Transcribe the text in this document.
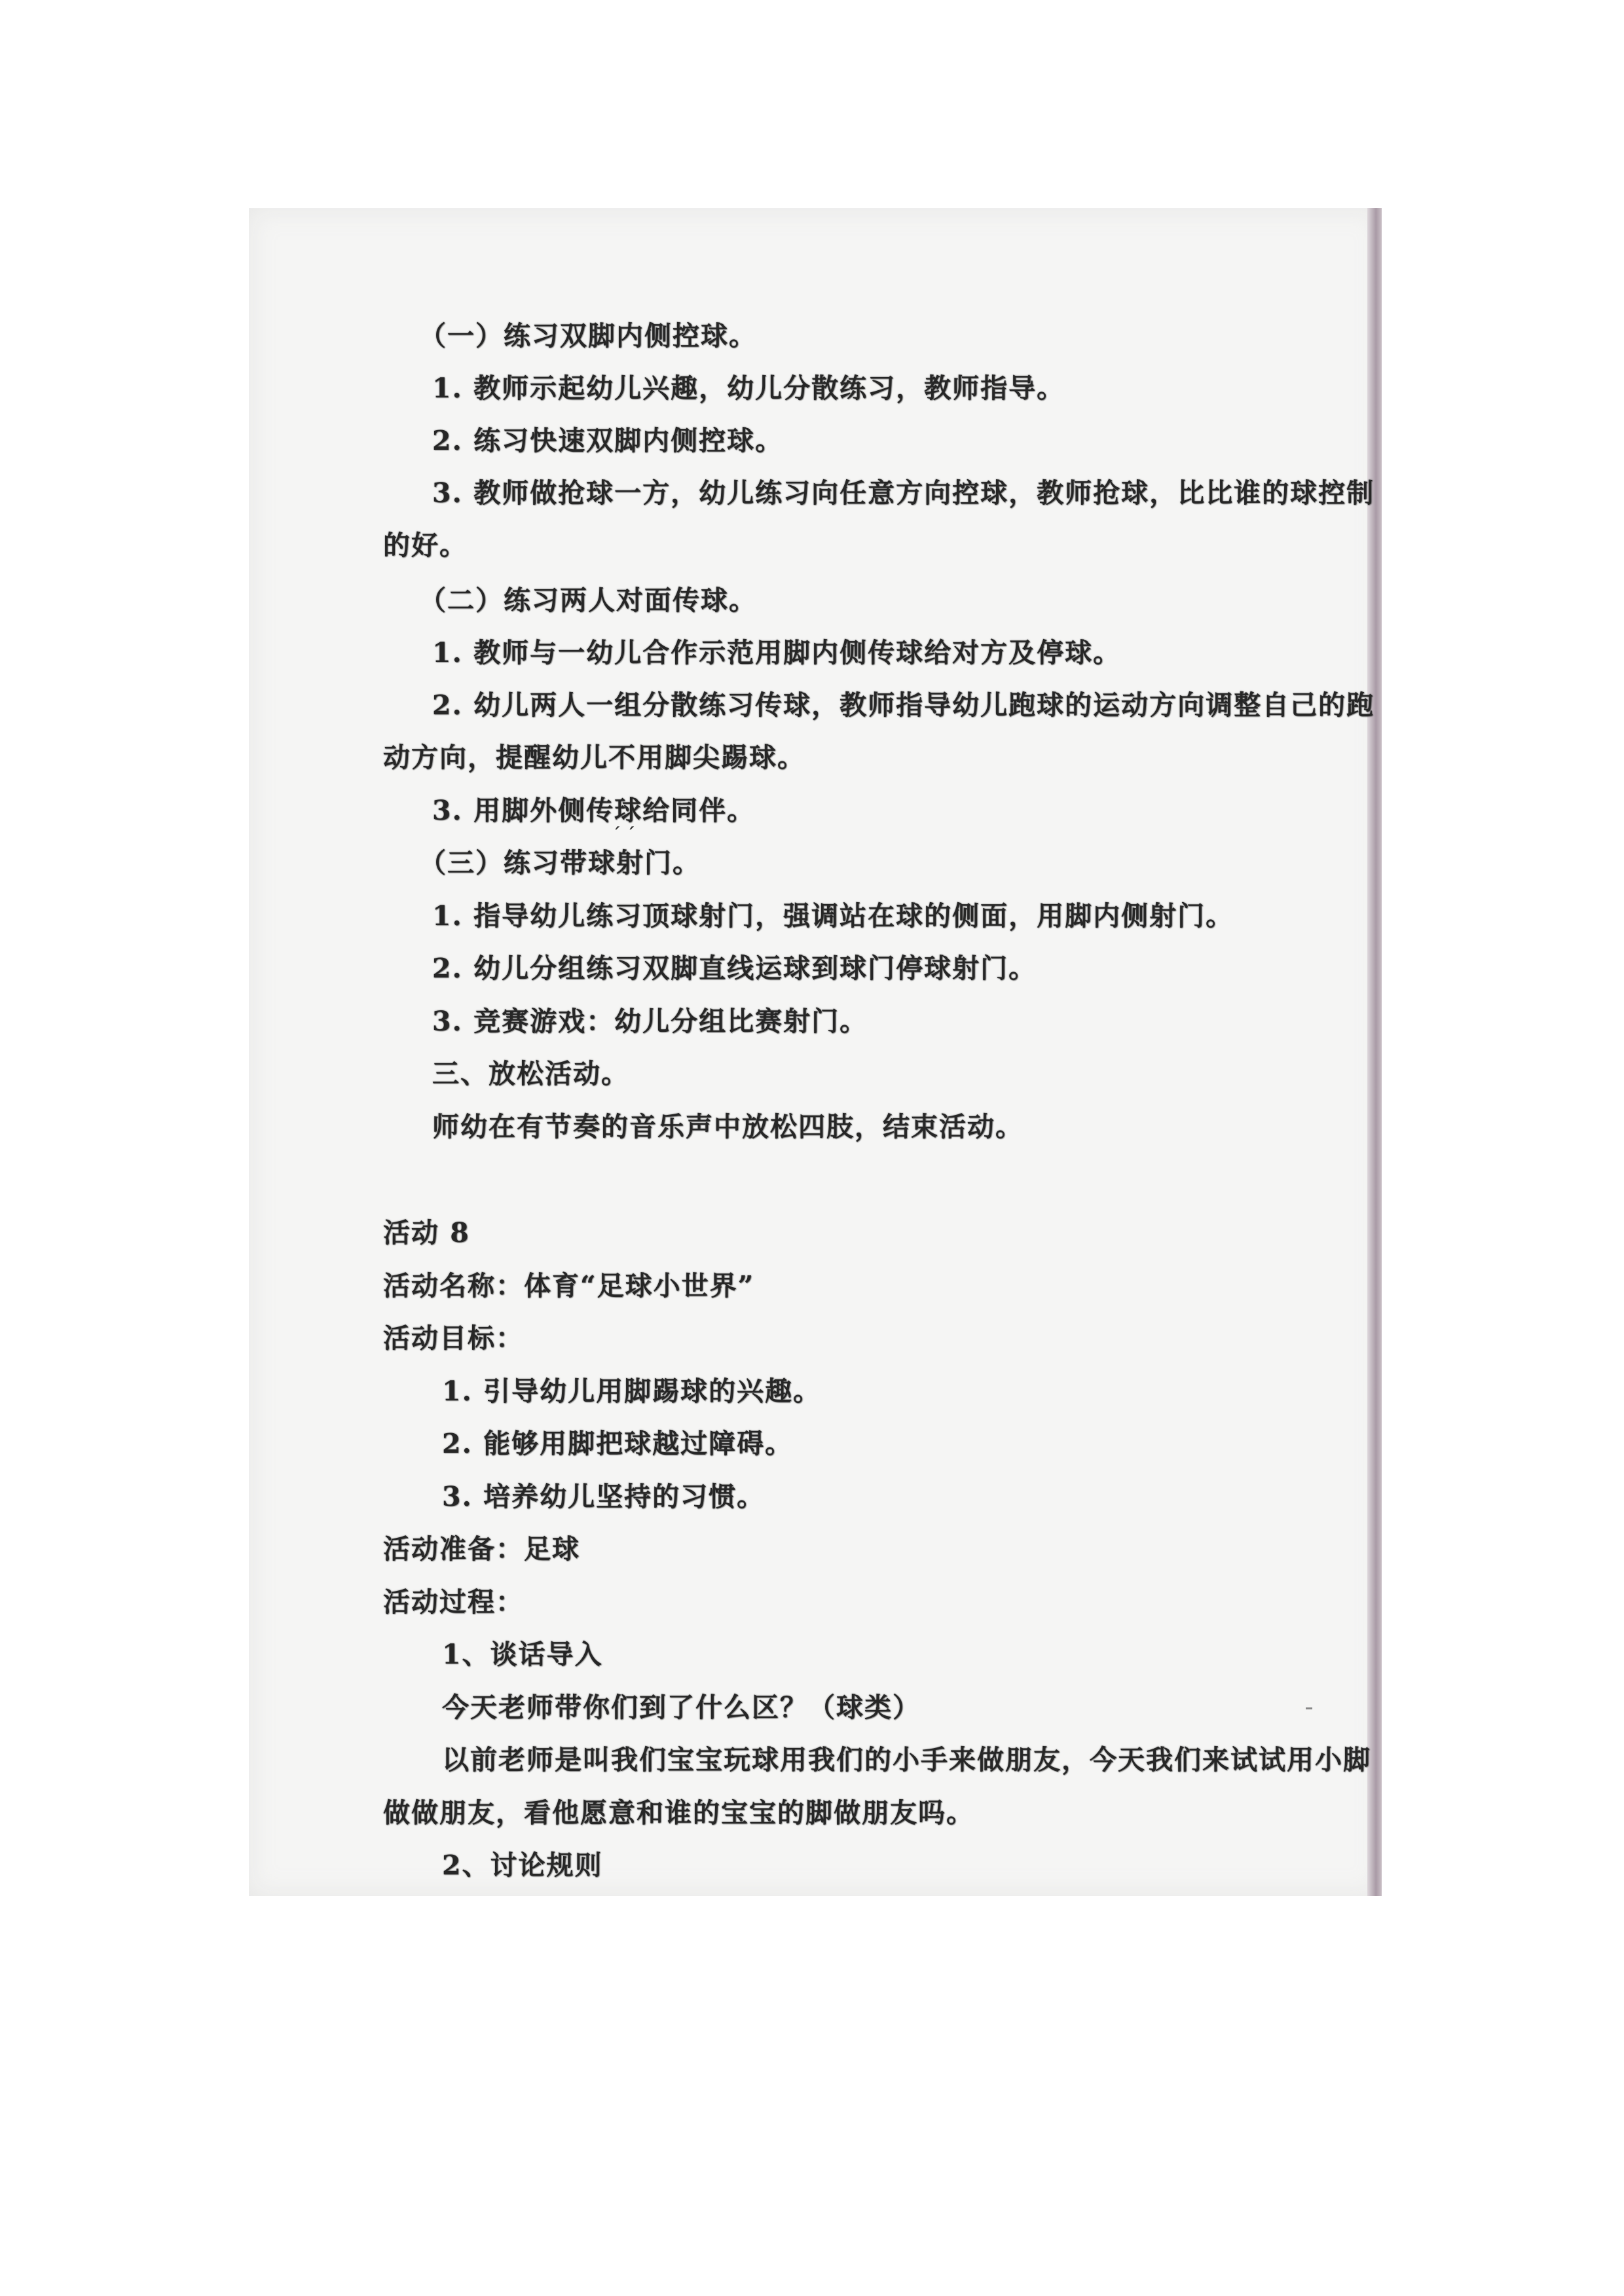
（一）练习双脚内侧控球。

1. 教师示起幼儿兴趣，幼儿分散练习，教师指导。

2. 练习快速双脚内侧控球。

3. 教师做抢球一方，幼儿练习向任意方向控球，教师抢球，比比谁的球控制

的好。

（二）练习两人对面传球。

1. 教师与一幼儿合作示范用脚内侧传球给对方及停球。

2. 幼儿两人一组分散练习传球，教师指导幼儿跑球的运动方向调整自己的跑

动方向，提醒幼儿不用脚尖踢球。

3. 用脚外侧传球给同伴。

ˊ ˊ

（三）练习带球射门。

1. 指导幼儿练习顶球射门，强调站在球的侧面，用脚内侧射门。

2. 幼儿分组练习双脚直线运球到球门停球射门。

3. 竞赛游戏：幼儿分组比赛射门。

三、放松活动。

师幼在有节奏的音乐声中放松四肢，结束活动。

活动 8

活动名称：体育“足球小世界”

活动目标：

1. 引导幼儿用脚踢球的兴趣。

2. 能够用脚把球越过障碍。

3. 培养幼儿坚持的习惯。

活动准备：足球

活动过程：

1、谈话导入

今天老师带你们到了什么区？（球类）

以前老师是叫我们宝宝玩球用我们的小手来做朋友，今天我们来试试用小脚

做做朋友，看他愿意和谁的宝宝的脚做朋友吗。

2、讨论规则
